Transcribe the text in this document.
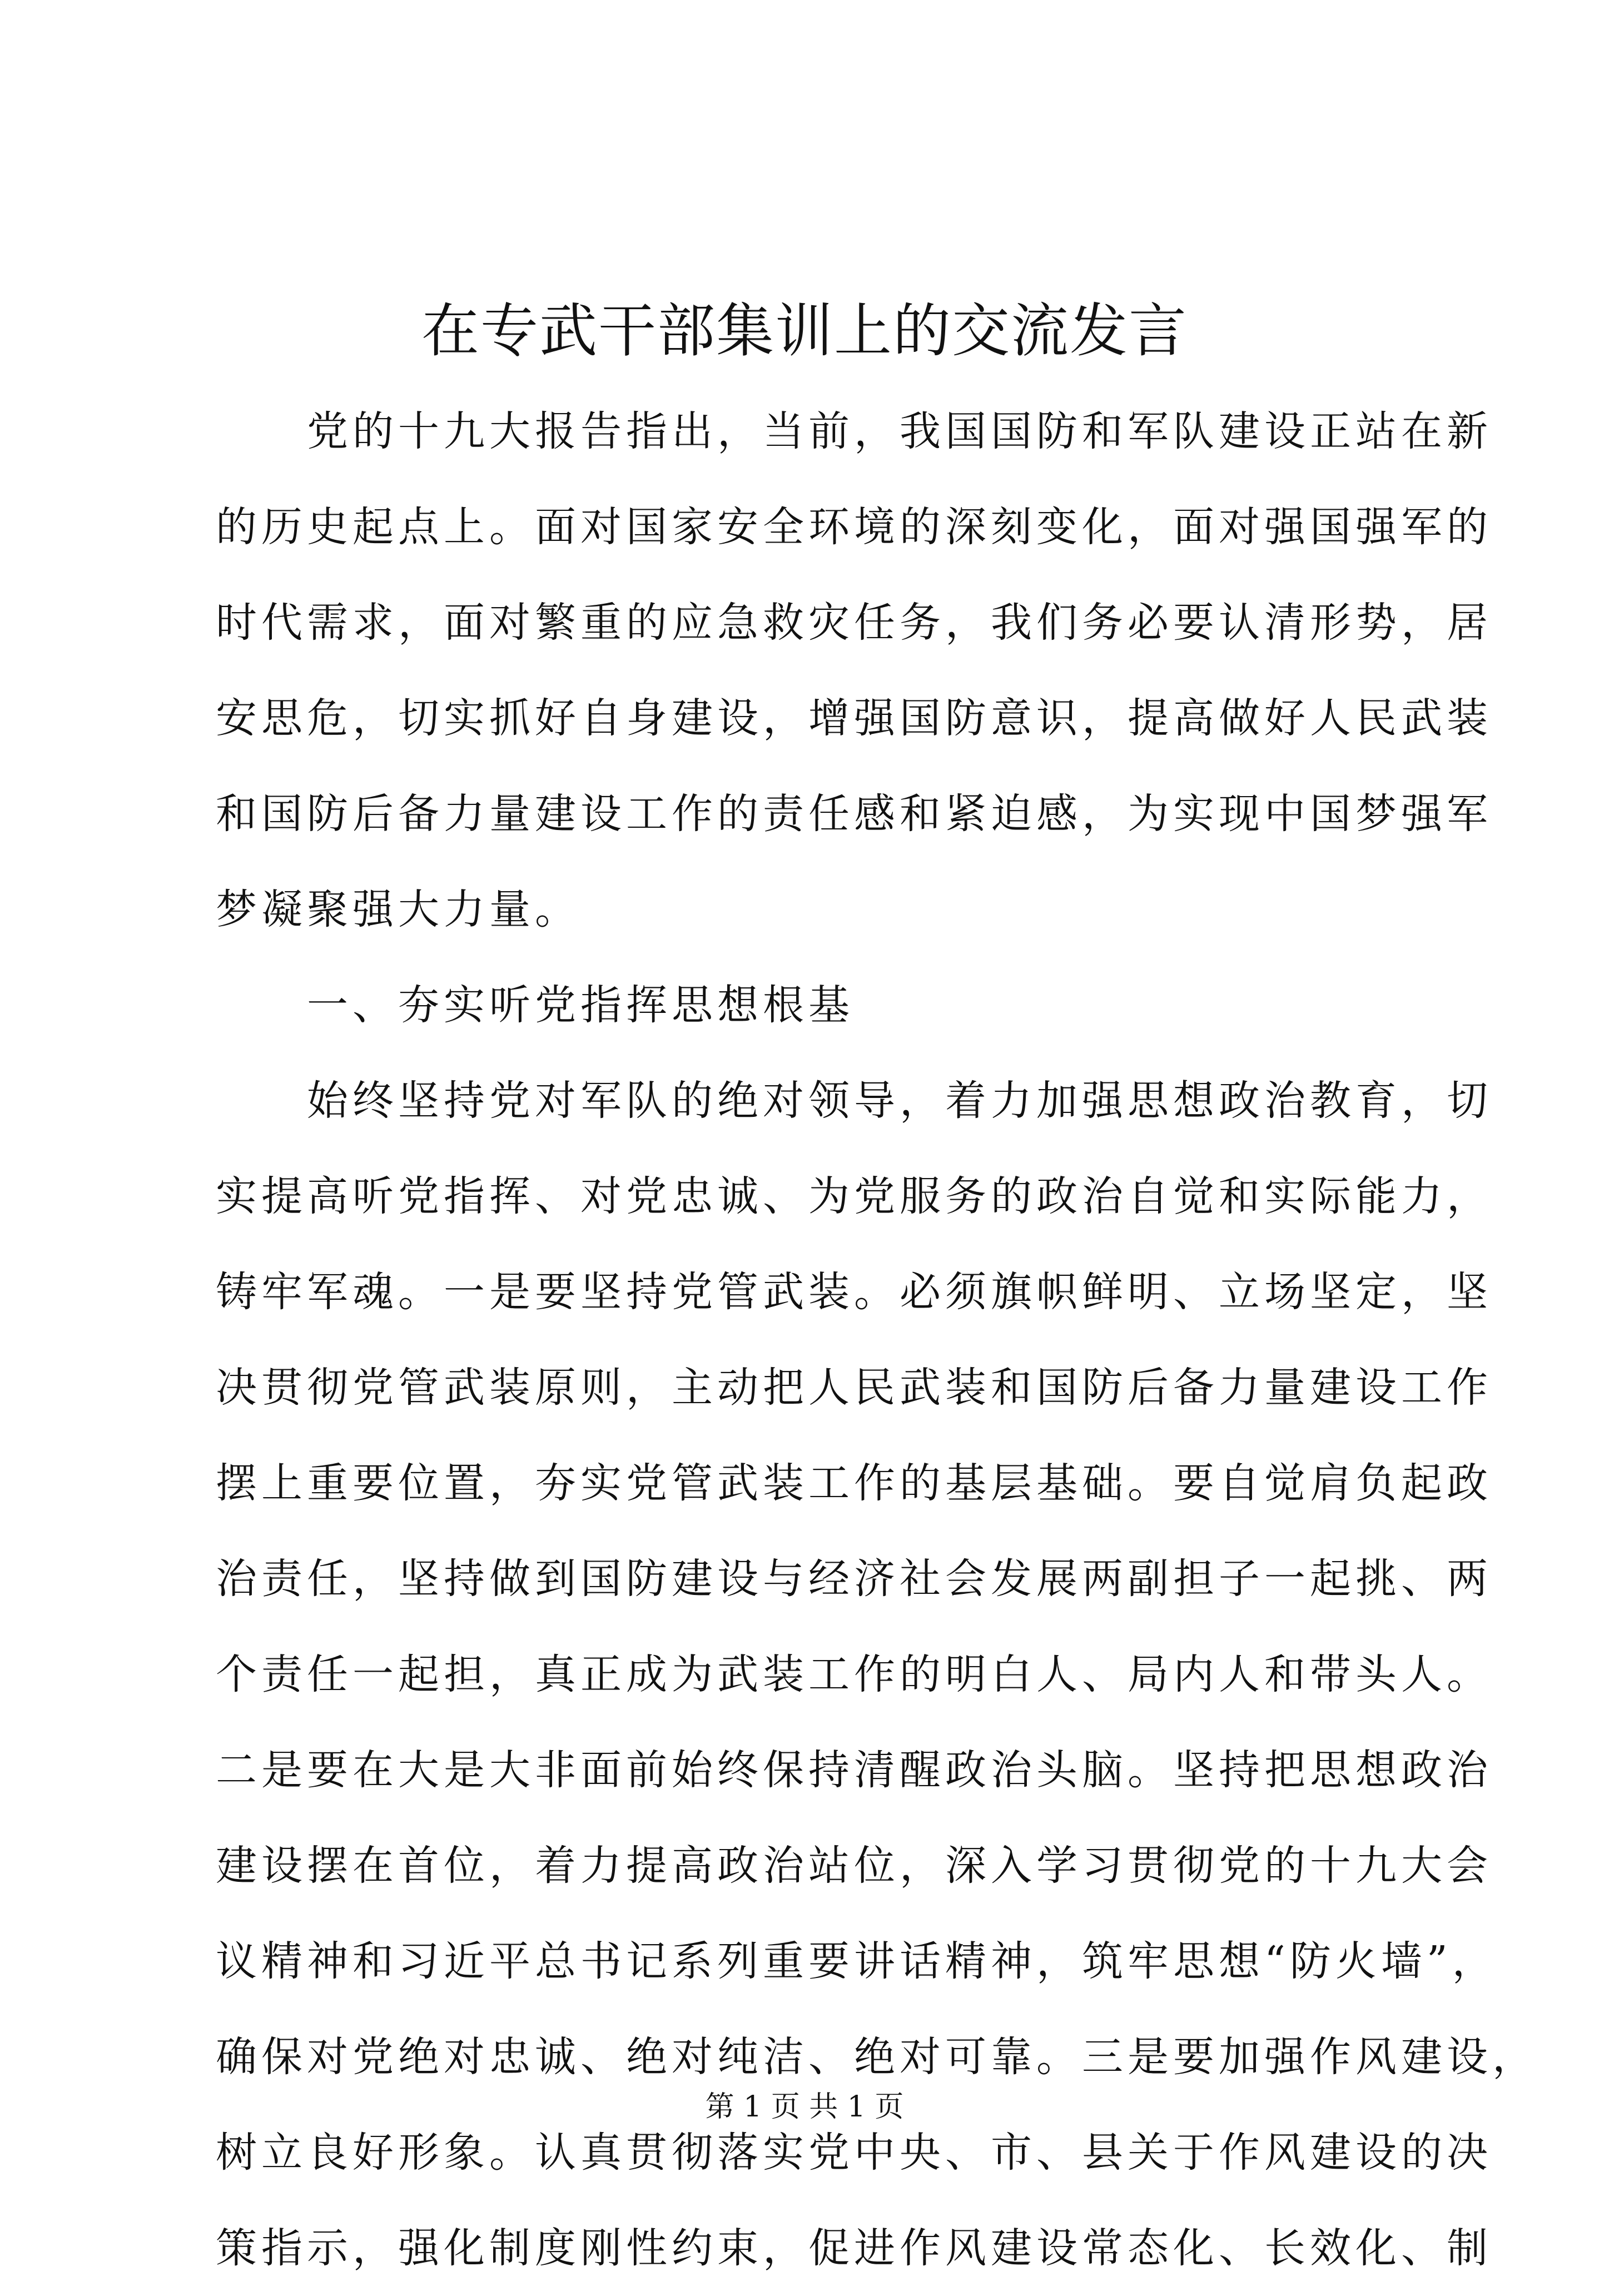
在专武干部集训上的交流发言
　　党的十九大报告指出，当前，我国国防和军队建设正站在新
的历史起点上。面对国家安全环境的深刻变化，面对强国强军的
时代需求，面对繁重的应急救灾任务，我们务必要认清形势，居
安思危，切实抓好自身建设，增强国防意识，提高做好人民武装
和国防后备力量建设工作的责任感和紧迫感，为实现中国梦强军
梦凝聚强大力量。
　　一、夯实听党指挥思想根基
　　始终坚持党对军队的绝对领导，着力加强思想政治教育，切
实提高听党指挥、对党忠诚、为党服务的政治自觉和实际能力，
铸牢军魂。一是要坚持党管武装。必须旗帜鲜明、立场坚定，坚
决贯彻党管武装原则，主动把人民武装和国防后备力量建设工作
摆上重要位置，夯实党管武装工作的基层基础。要自觉肩负起政
治责任，坚持做到国防建设与经济社会发展两副担子一起挑、两
个责任一起担，真正成为武装工作的明白人、局内人和带头人。
二是要在大是大非面前始终保持清醒政治头脑。坚持把思想政治
建设摆在首位，着力提高政治站位，深入学习贯彻党的十九大会
议精神和习近平总书记系列重要讲话精神，筑牢思想“防火墙”，
确保对党绝对忠诚、绝对纯洁、绝对可靠。三是要加强作风建设，
树立良好形象。认真贯彻落实党中央、市、县关于作风建设的决
策指示，强化制度刚性约束，促进作风建设常态化、长效化、制
第 1 页 共 1 页
